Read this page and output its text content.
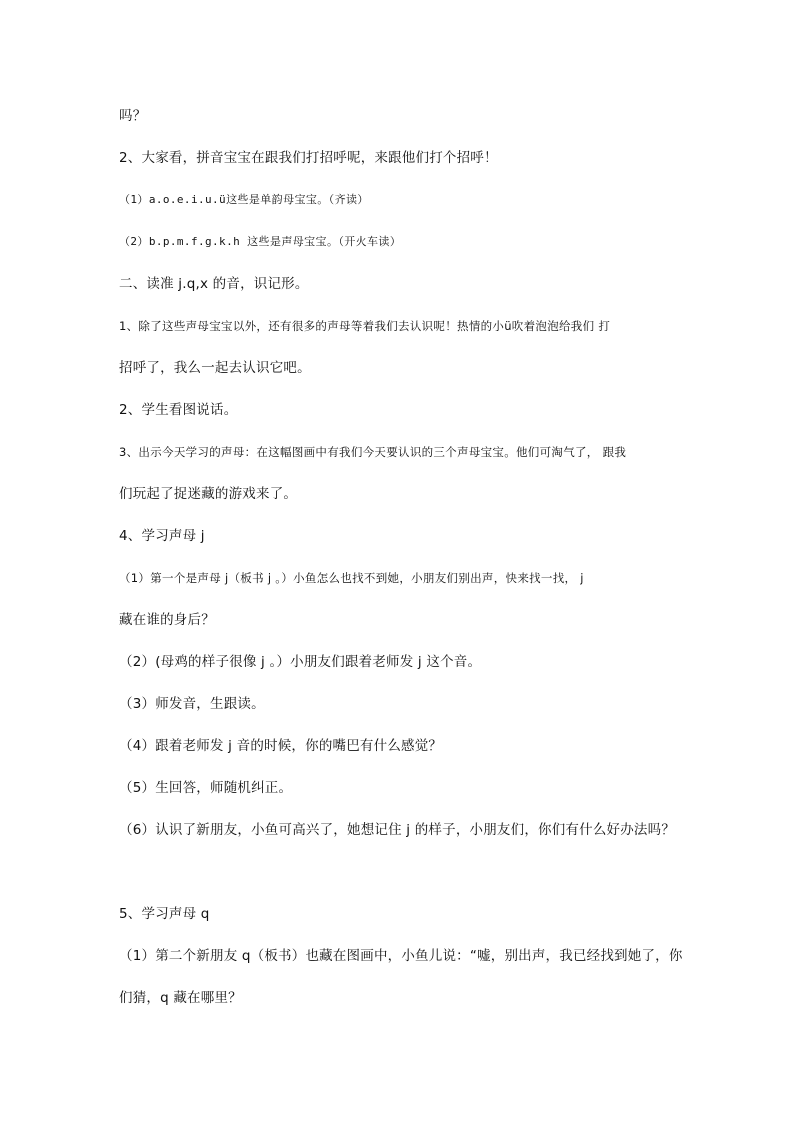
吗？
2、大家看，拼音宝宝在跟我们打招呼呢，来跟他们打个招呼！
（1）a.o.e.i.u.ü这些是单韵母宝宝。（齐读）
（2）b.p.m.f.g.k.h 这些是声母宝宝。（开火车读）
二、读准 j.q,x 的音，识记形。
1、除了这些声母宝宝以外，还有很多的声母等着我们去认识呢！热情的小ü吹着泡泡给我们 打
招呼了，我么一起去认识它吧。
2、学生看图说话。
3、出示今天学习的声母：在这幅图画中有我们今天要认识的三个声母宝宝。他们可淘气了， 跟我
们玩起了捉迷藏的游戏来了。
4、学习声母 j
（1）第一个是声母 j（板书 j 。）小鱼怎么也找不到她，小朋友们别出声，快来找一找， j
藏在谁的身后？
（2）(母鸡的样子很像 j 。）小朋友们跟着老师发 j 这个音。
（3）师发音，生跟读。
（4）跟着老师发 j 音的时候，你的嘴巴有什么感觉？
（5）生回答，师随机纠正。
（6）认识了新朋友，小鱼可高兴了，她想记住 j 的样子，小朋友们，你们有什么好办法吗？
5、学习声母 q
（1）第二个新朋友 q（板书）也藏在图画中，小鱼儿说：“嘘，别出声，我已经找到她了，你
们猜，q 藏在哪里？
